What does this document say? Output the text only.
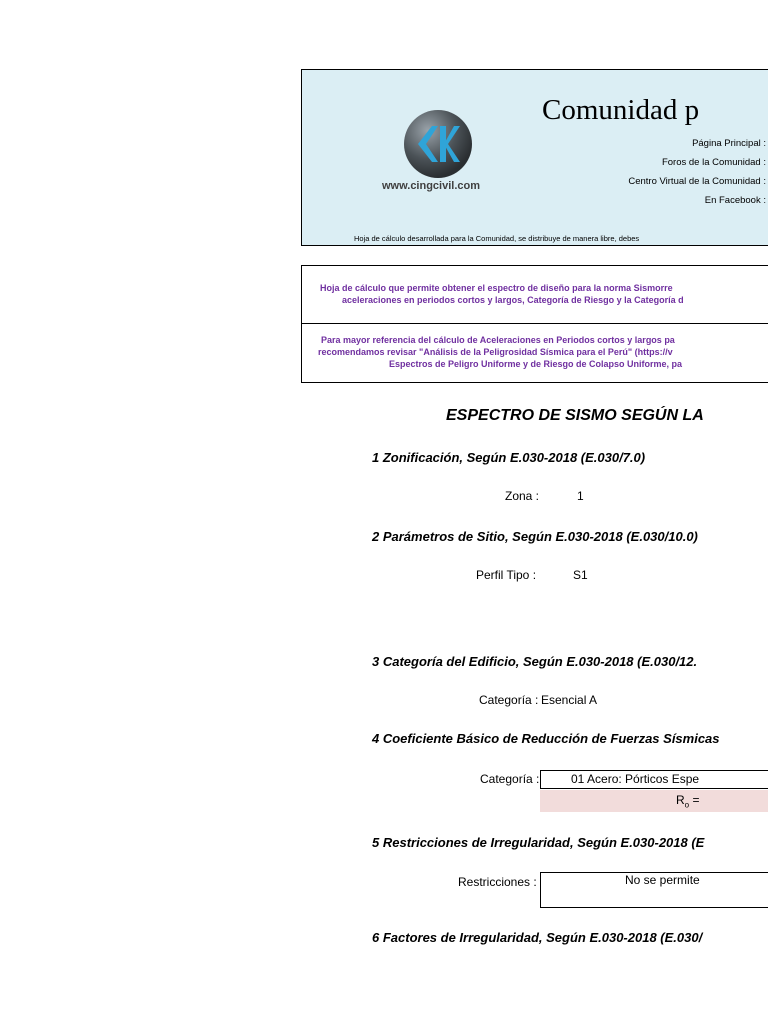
www.cingcivil.com
Comunidad p
Página Principal :
Foros de la Comunidad :
Centro Virtual de la Comunidad :
En Facebook :
Hoja de cálculo desarrollada para la Comunidad, se distribuye de manera libre, debes
Hoja de cálculo que permite obtener el espectro de diseño para la norma Sismorre
aceleraciones en periodos cortos y largos, Categoría de Riesgo y la Categoría d
Para mayor referencia del cálculo de Aceleraciones en Periodos cortos y largos pa
recomendamos revisar "Análisis de la Peligrosidad Sísmica para el Perú" (https://v
Espectros de Peligro Uniforme y de Riesgo de Colapso Uniforme, pa
ESPECTRO DE SISMO SEGÚN LA
1 Zonificación, Según E.030-2018 (E.030/7.0)
Zona :	1
2 Parámetros de Sitio, Según E.030-2018 (E.030/10.0)
Perfil Tipo :	S1
3 Categoría del Edificio, Según E.030-2018 (E.030/12.
Categoría : Esencial A
4 Coeficiente Básico de Reducción de Fuerzas Sísmicas
Categoría :	01 Acero: Pórticos Espe
$R_o$ =
5 Restricciones de Irregularidad, Según E.030-2018 (E
Restricciones :	No se permite
6 Factores de Irregularidad, Según E.030-2018 (E.030/
